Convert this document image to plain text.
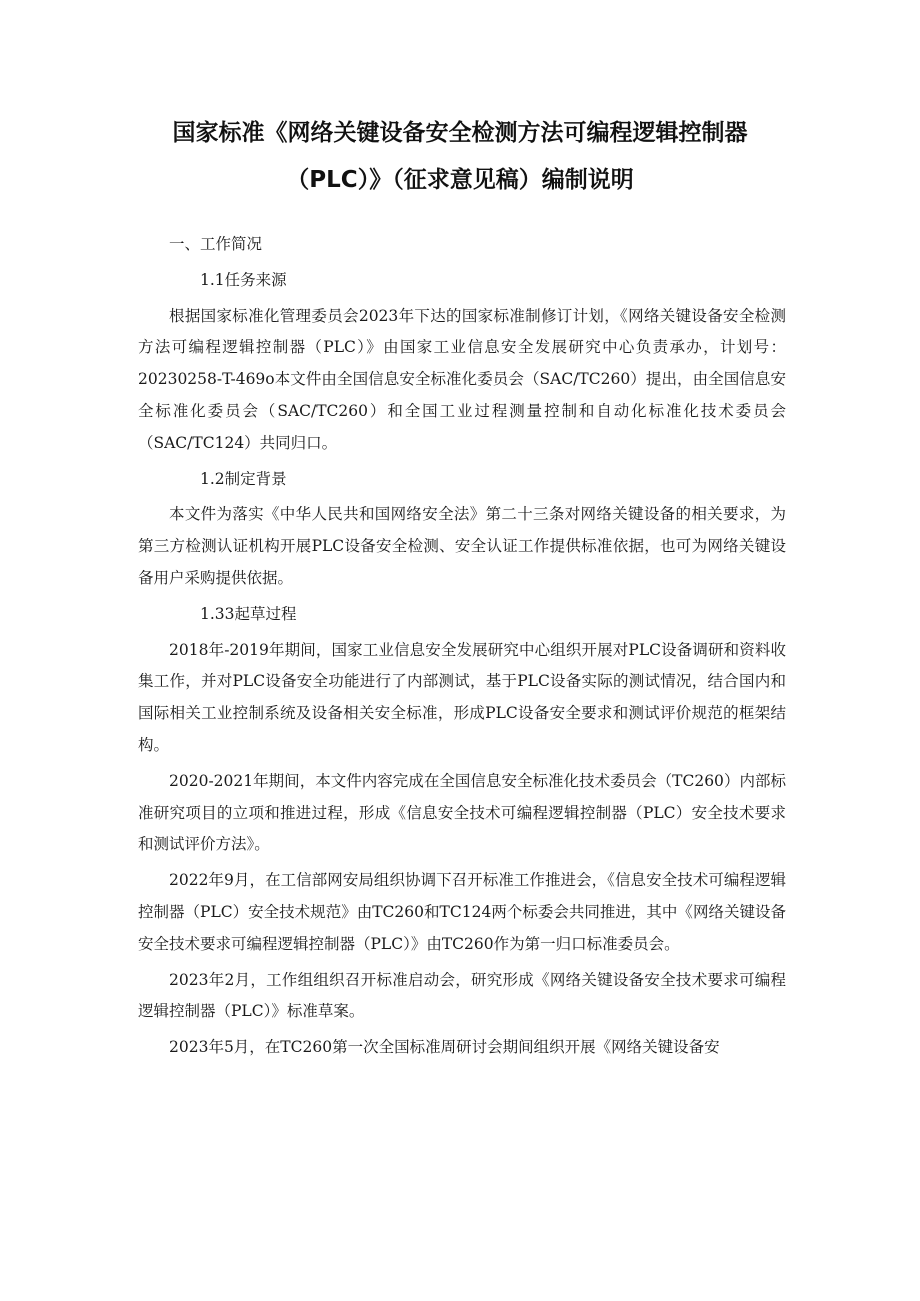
国家标准《网络关键设备安全检测方法可编程逻辑控制器
（PLC）》（征求意见稿）编制说明

一、工作简况

1.1任务来源

根据国家标准化管理委员会2023年下达的国家标准制修订计划，《网络关键设备安全检测方法可编程逻辑控制器（PLC）》由国家工业信息安全发展研究中心负责承办，计划号：20230258-T-469o本文件由全国信息安全标准化委员会（SAC/TC260）提出，由全国信息安全标准化委员会（SAC/TC260）和全国工业过程测量控制和自动化标准化技术委员会（SAC/TC124）共同归口。

1.2制定背景

本文件为落实《中华人民共和国网络安全法》第二十三条对网络关键设备的相关要求，为第三方检测认证机构开展PLC设备安全检测、安全认证工作提供标准依据，也可为网络关键设备用户采购提供依据。

1.33起草过程

2018年-2019年期间，国家工业信息安全发展研究中心组织开展对PLC设备调研和资料收集工作，并对PLC设备安全功能进行了内部测试，基于PLC设备实际的测试情况，结合国内和国际相关工业控制系统及设备相关安全标准，形成PLC设备安全要求和测试评价规范的框架结构。

2020-2021年期间，本文件内容完成在全国信息安全标准化技术委员会（TC260）内部标准研究项目的立项和推进过程，形成《信息安全技术可编程逻辑控制器（PLC）安全技术要求和测试评价方法》。

2022年9月，在工信部网安局组织协调下召开标准工作推进会，《信息安全技术可编程逻辑控制器（PLC）安全技术规范》由TC260和TC124两个标委会共同推进，其中《网络关键设备安全技术要求可编程逻辑控制器（PLC）》由TC260作为第一归口标准委员会。

2023年2月，工作组组织召开标准启动会，研究形成《网络关键设备安全技术要求可编程逻辑控制器（PLC）》标准草案。

2023年5月，在TC260第一次全国标准周研讨会期间组织开展《网络关键设备安
